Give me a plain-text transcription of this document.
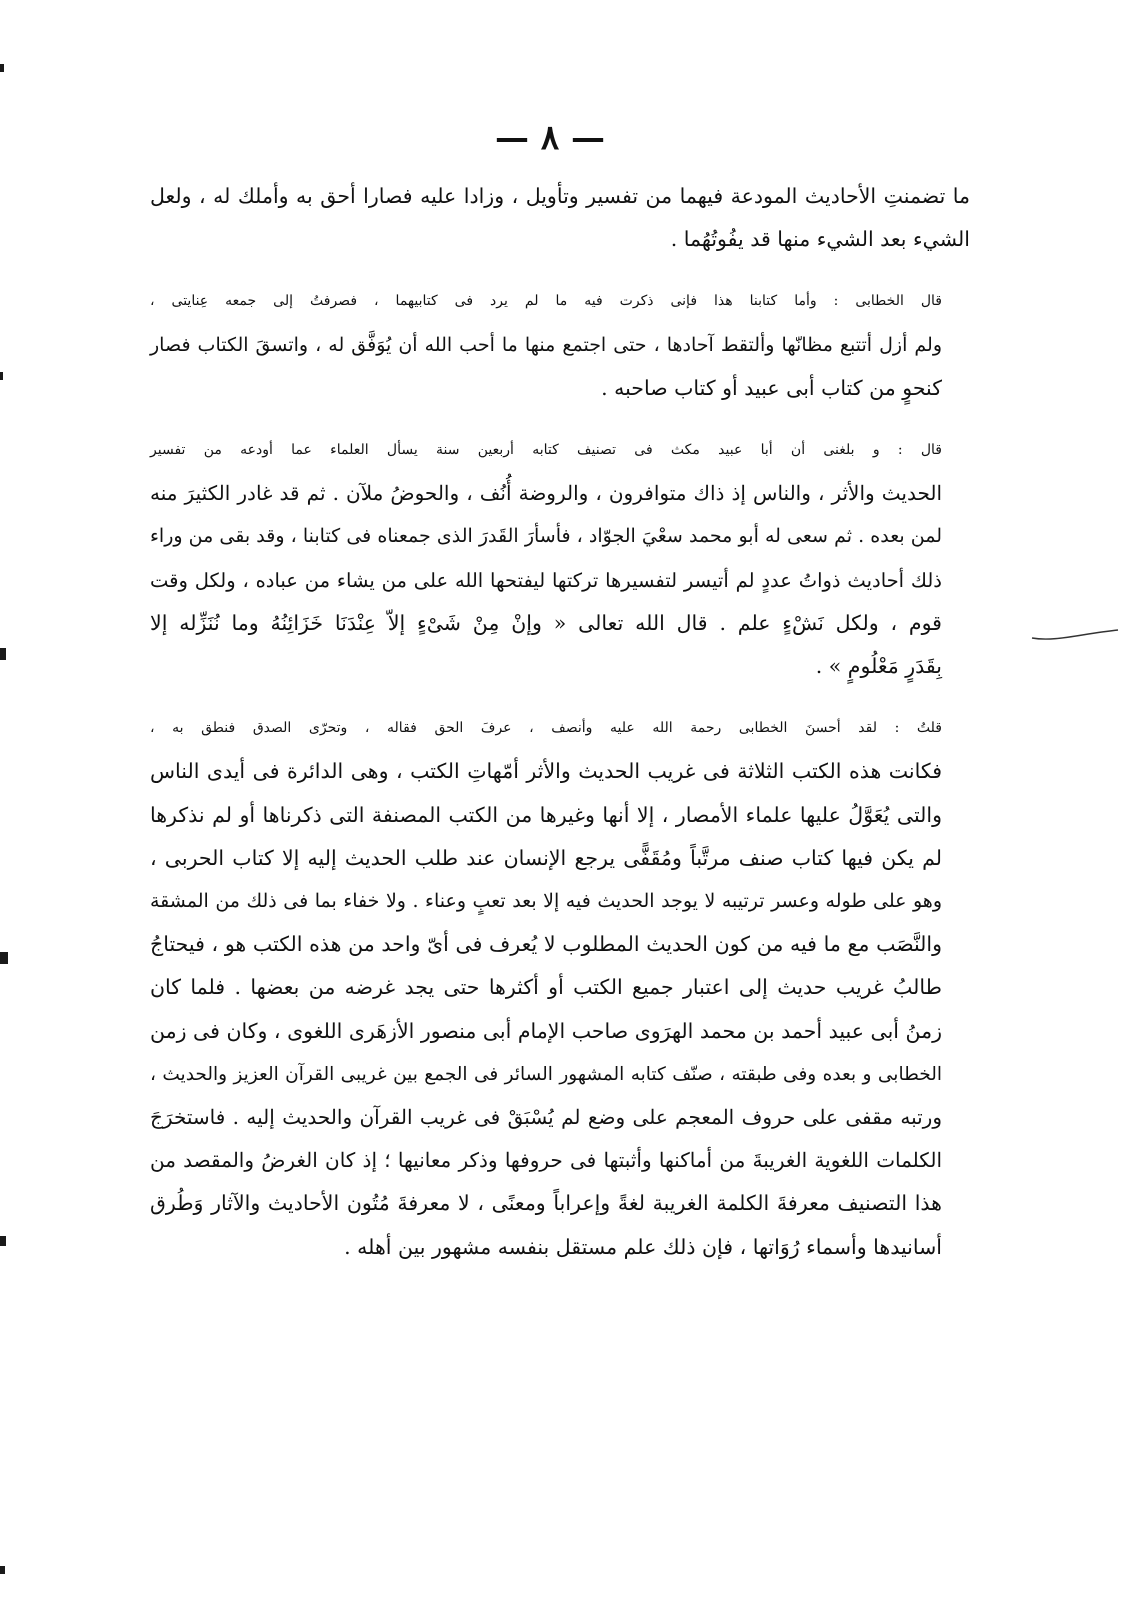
— ٨ —
ما تضمنتِ الأحاديث المودعة فيهما من تفسير وتأويل ، وزادا عليه فصارا أحق به وأملك له ، ولعل
الشيء بعد الشيء منها قد يفُوتُهُما .
قال الخطابى : وأما كتابنا هذا فإنى ذكرت فيه ما لم يرد فى كتابيهما ، فصرفتُ إلى جمعه عِنايتى ،
ولم أزل أتتبع مظانّها وألتقط آحادها ، حتى اجتمع منها ما أحب الله أن يُوَفَّق له ، واتسقَ الكتاب فصار
كنحوٍ من كتاب أبى عبيد أو كتاب صاحبه .
قال : و بلغنى أن أبا عبيد مكث فى تصنيف كتابه أربعين سنة يسأل العلماء عما أودعه من تفسير
الحديث والأثر ، والناس إذ ذاك متوافرون ، والروضة أُنُف ، والحوضُ ملآن . ثم قد غادر الكثيرَ منه
لمن بعده . ثم سعى له أبو محمد سعْيَ الجوّاد ، فأسأرَ القَدرَ الذى جمعناه فى كتابنا ، وقد بقى من وراء
ذلك أحاديث ذواتُ عددٍ لم أتيسر لتفسيرها تركتها ليفتحها الله على من يشاء من عباده ، ولكل وقت
قوم ، ولكل نَشْءٍ علم . قال الله تعالى « وإنْ مِنْ شَىْءٍ إلاّ عِنْدَنَا خَزَائِنُهُ وما نُنَزِّله إلا
بِقَدَرٍ مَعْلُومٍ » .
قلتُ : لقد أحسنَ الخطابى رحمة الله عليه وأنصف ، عرفَ الحق فقاله ، وتحرّى الصدق فنطق به ،
فكانت هذه الكتب الثلاثة فى غريب الحديث والأثر أمّهاتِ الكتب ، وهى الدائرة فى أيدى الناس
والتى يُعَوَّلُ عليها علماء الأمصار ، إلا أنها وغيرها من الكتب المصنفة التى ذكرناها أو لم نذكرها
لم يكن فيها كتاب صنف مرتَّباً ومُقَفًّى يرجع الإنسان عند طلب الحديث إليه إلا كتاب الحربى ،
وهو على طوله وعسر ترتيبه لا يوجد الحديث فيه إلا بعد تعبٍ وعناء . ولا خفاء بما فى ذلك من المشقة
والنَّصَب مع ما فيه من كون الحديث المطلوب لا يُعرف فى أىّ واحد من هذه الكتب هو ، فيحتاجُ
طالبُ غريب حديث إلى اعتبار جميع الكتب أو أكثرها حتى يجد غرضه من بعضها . فلما كان
زمنُ أبى عبيد أحمد بن محمد الهرَوى صاحب الإمام أبى منصور الأزهَرى اللغوى ، وكان فى زمن
الخطابى و بعده وفى طبقته ، صنّف كتابه المشهور السائر فى الجمع بين غريبى القرآن العزيز والحديث ،
ورتبه مقفى على حروف المعجم على وضع لم يُسْبَقْ فى غريب القرآن والحديث إليه . فاستخرَجَ
الكلمات اللغوية الغريبةَ من أماكنها وأثبتها فى حروفها وذكر معانيها ؛ إذ كان الغرضُ والمقصد من
هذا التصنيف معرفةَ الكلمة الغريبة لغةً وإعراباً ومعنًى ، لا معرفةَ مُتُون الأحاديث والآثار وَطُرق
أسانيدها وأسماء رُوَاتها ، فإن ذلك علم مستقل بنفسه مشهور بين أهله .
